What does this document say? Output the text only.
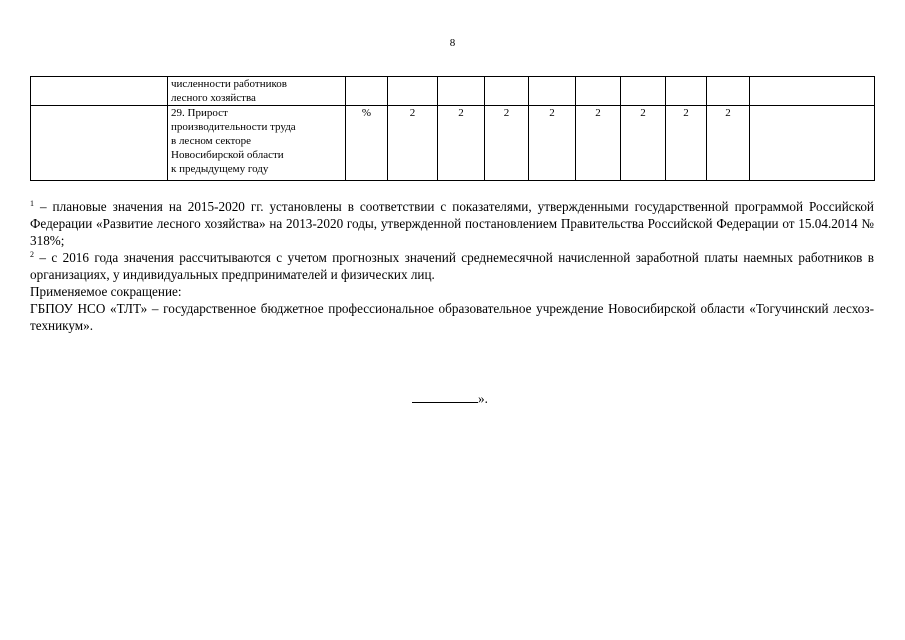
8

	численности работников
лесного хозяйства										

	29. Прирост
производительности труда
в лесном секторе
Новосибирской области
к предыдущему году	%	2	2	2	2	2	2	2	2	

$^1$ – плановые значения на 2015-2020 гг. установлены в соответствии с показателями, утвержденными государственной программой Российской Федерации «Развитие лесного хозяйства» на 2013-2020 годы, утвержденной постановлением Правительства Российской Федерации от 15.04.2014 № 318%;

$^2$ – с 2016 года значения рассчитываются с учетом прогнозных значений среднемесячной начисленной заработной платы наемных работников в организациях, у индивидуальных предпринимателей и физических лиц.

Применяемое сокращение:

ГБПОУ НСО «ТЛТ» – государственное бюджетное профессиональное образовательное учреждение Новосибирской области «Тогучинский лесхоз-техникум».

».
